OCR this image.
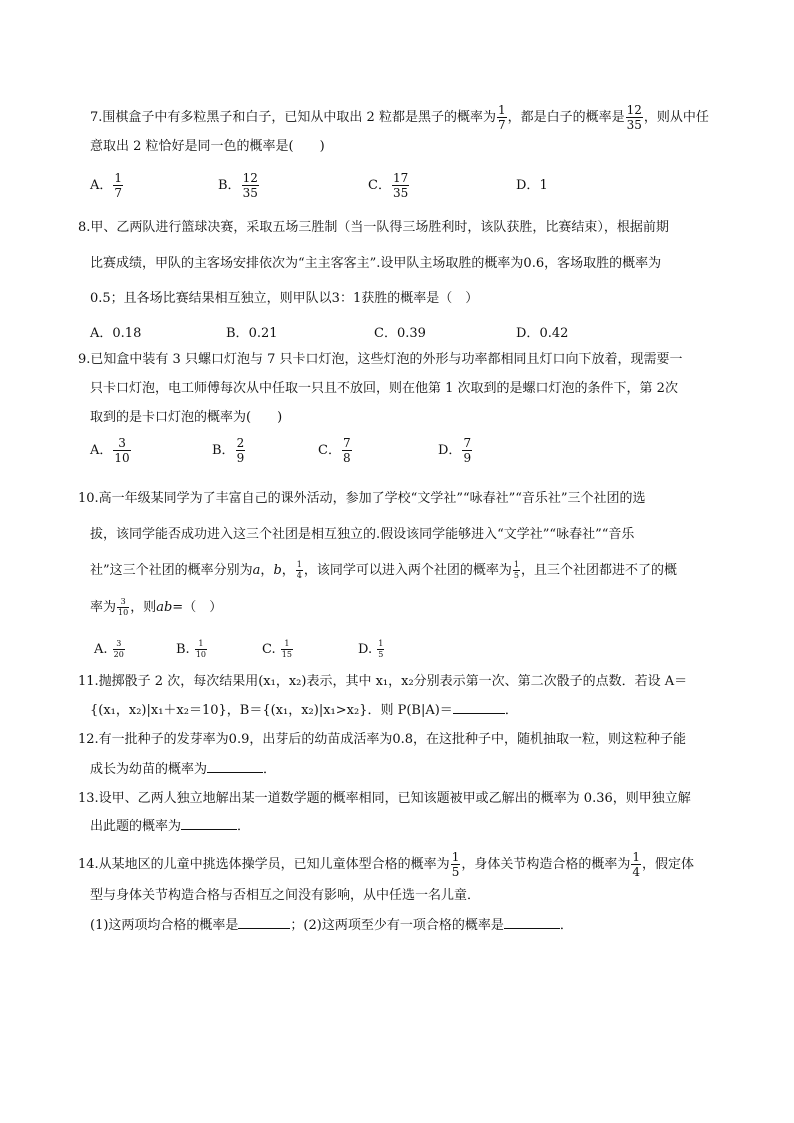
7.围棋盒子中有多粒黑子和白子，已知从中取出 2 粒都是黑子的概率为 $\frac{1}{7}$ ，都是白子的概率是 $\frac{12}{35}$ ，则从中任
意取出 2 粒恰好是同一色的概率是(　　)
A． $\frac{1}{7}$	B． $\frac{12}{35}$	C． $\frac{17}{35}$	D．1
8.甲、乙两队进行篮球决赛，采取五场三胜制（当一队得三场胜利时，该队获胜，比赛结束），根据前期
比赛成绩，甲队的主客场安排依次为“主主客客主”.设甲队主场取胜的概率为0.6，客场取胜的概率为
0.5；且各场比赛结果相互独立，则甲队以3：1获胜的概率是（　）
A．0.18	B．0.21	C．0.39	D．0.42
9.已知盒中装有 3 只螺口灯泡与 7 只卡口灯泡，这些灯泡的外形与功率都相同且灯口向下放着，现需要一
只卡口灯泡，电工师傅每次从中任取一只且不放回，则在他第 1 次取到的是螺口灯泡的条件下，第 2次
取到的是卡口灯泡的概率为(　　)
A． $\frac{3}{10}$	B． $\frac{2}{9}$	C． $\frac{7}{8}$	D． $\frac{7}{9}$
10.高一年级某同学为了丰富自己的课外活动，参加了学校“文学社”“咏春社”“音乐社”三个社团的选
拔，该同学能否成功进入这三个社团是相互独立的.假设该同学能够进入“文学社”“咏春社”“音乐
社”这三个社团的概率分别为a，b， $\frac{1}{4}$ ，该同学可以进入两个社团的概率为 $\frac{1}{5}$ ，且三个社团都进不了的概
率为 $\frac{3}{10}$ ，则ab=（　）
A. $\frac{3}{20}$	B. $\frac{1}{10}$	C. $\frac{1}{15}$	D. $\frac{1}{5}$
11.抛掷骰子 2 次，每次结果用(x₁，x₂)表示，其中 x₁，x₂分别表示第一次、第二次骰子的点数．若设 A＝
{(x₁，x₂)|x₁＋x₂＝10}，B＝{(x₁，x₂)|x₁>x₂}．则 P(B|A)＝	．
12.有一批种子的发芽率为0.9，出芽后的幼苗成活率为0.8，在这批种子中，随机抽取一粒，则这粒种子能
成长为幼苗的概率为	．
13.设甲、乙两人独立地解出某一道数学题的概率相同，已知该题被甲或乙解出的概率为 0.36，则甲独立解
出此题的概率为	．
14.从某地区的儿童中挑选体操学员，已知儿童体型合格的概率为 $\frac{1}{5}$ ，身体关节构造合格的概率为 $\frac{1}{4}$ ，假定体
型与身体关节构造合格与否相互之间没有影响，从中任选一名儿童．
(1)这两项均合格的概率是	；(2)这两项至少有一项合格的概率是	．
